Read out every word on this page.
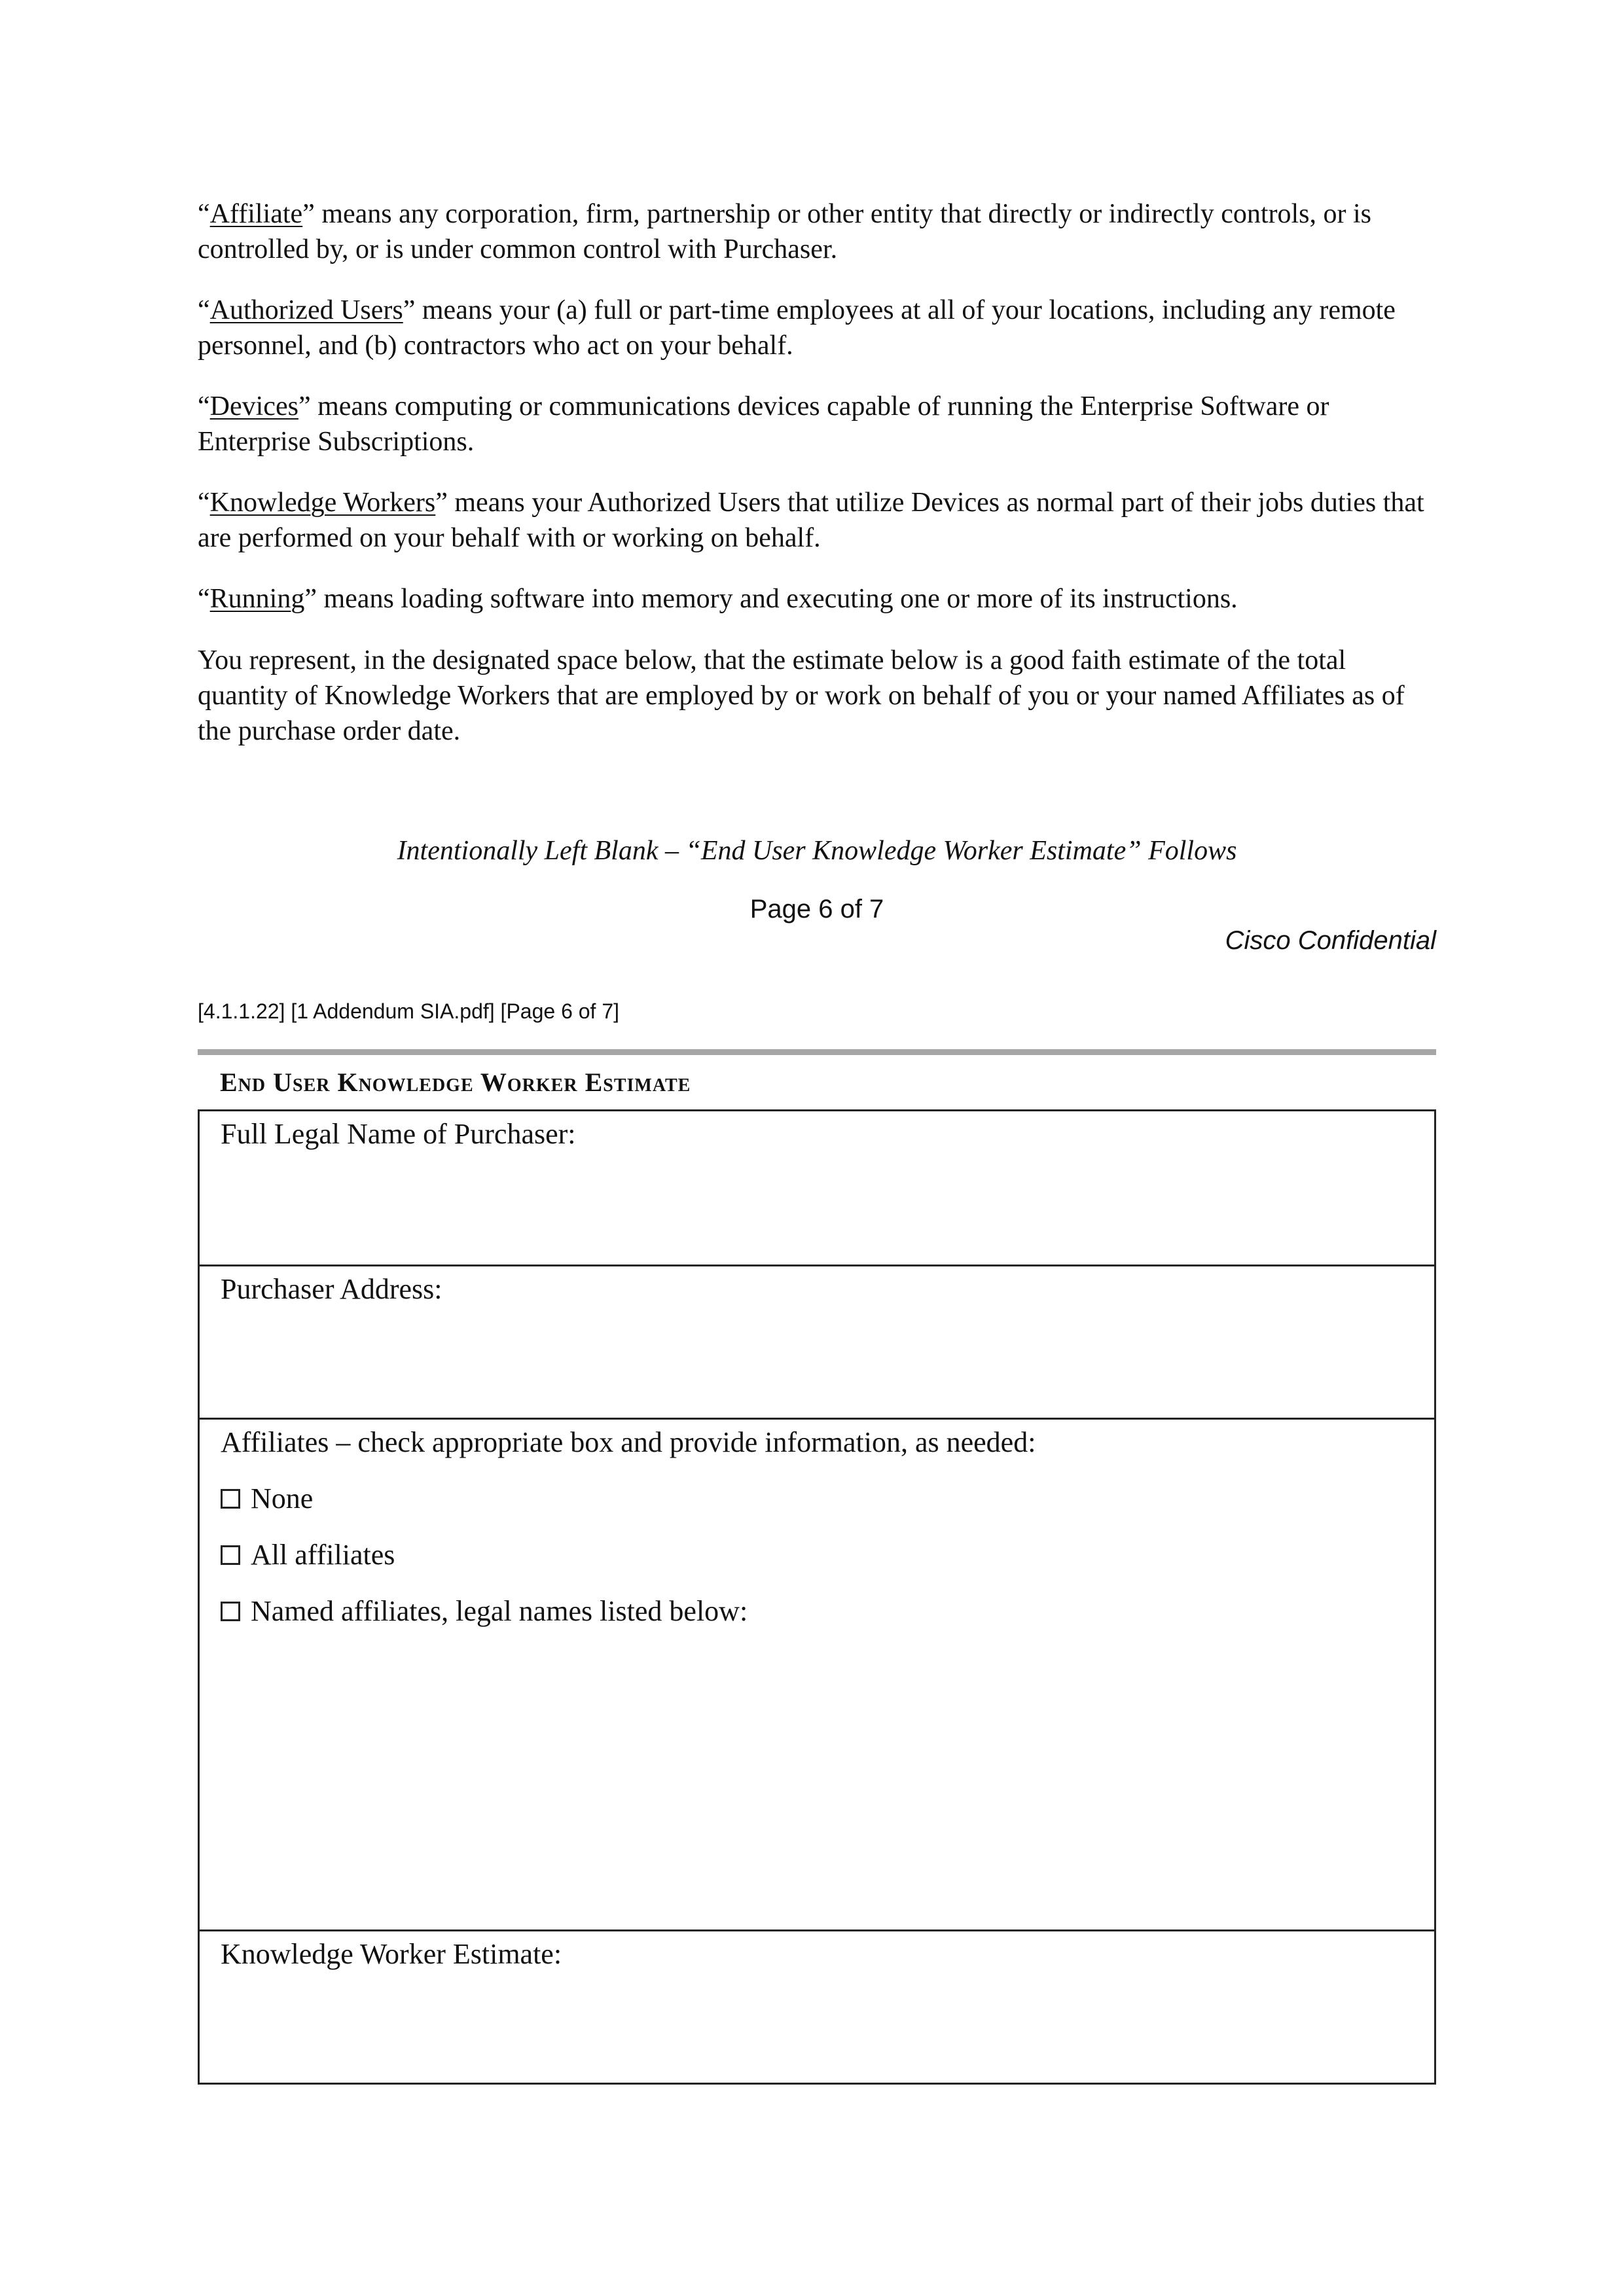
“Affiliate” means any corporation, firm, partnership or other entity that directly or indirectly controls, or is controlled by, or is under common control with Purchaser.

“Authorized Users” means your (a) full or part-time employees at all of your locations, including any remote personnel, and (b) contractors who act on your behalf.

“Devices” means computing or communications devices capable of running the Enterprise Software or Enterprise Subscriptions.

“Knowledge Workers” means your Authorized Users that utilize Devices as normal part of their jobs duties that are performed on your behalf with or working on behalf.

“Running” means loading software into memory and executing one or more of its instructions.

You represent, in the designated space below, that the estimate below is a good faith estimate of the total quantity of Knowledge Workers that are employed by or work on behalf of you or your named Affiliates as of the purchase order date.

Intentionally Left Blank – “End User Knowledge Worker Estimate” Follows
Page 6 of 7
Cisco Confidential
[4.1.1.22] [1 Addendum SIA.pdf] [Page 6 of 7]
End User Knowledge Worker Estimate
Full Legal Name of Purchaser:
Purchaser Address:
Affiliates – check appropriate box and provide information, as needed:
None
All affiliates
Named affiliates, legal names listed below:
Knowledge Worker Estimate:
